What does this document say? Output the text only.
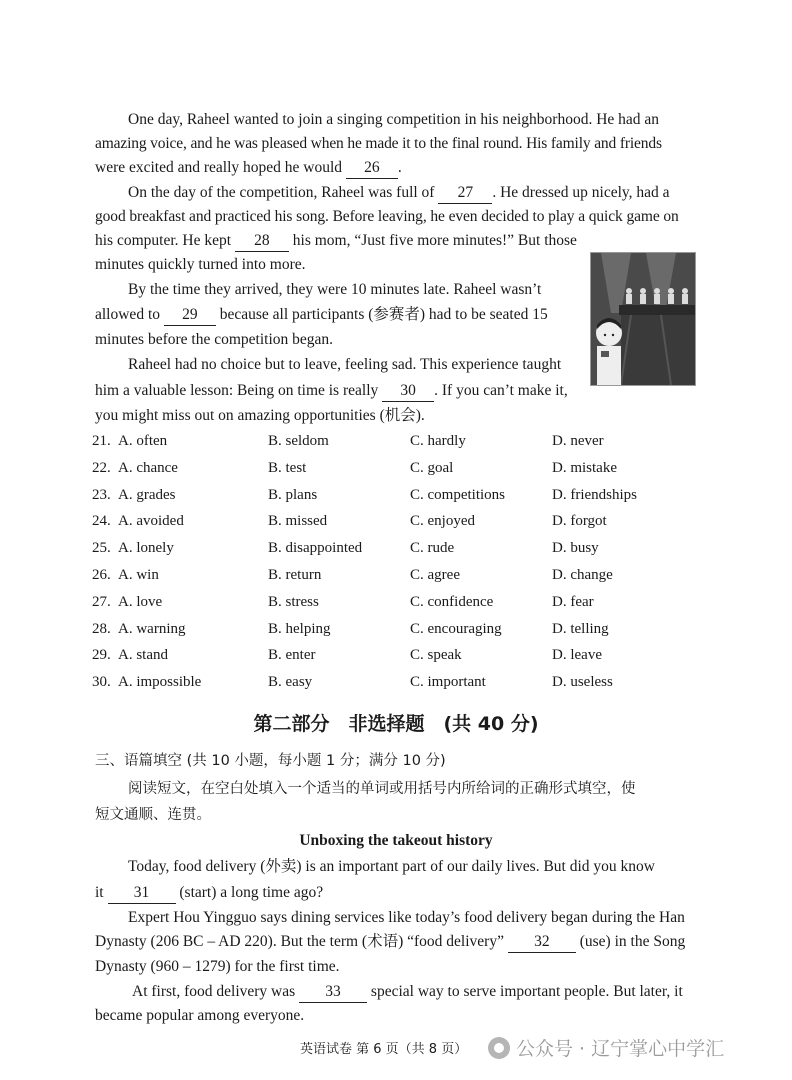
One day, Raheel wanted to join a singing competition in his neighborhood. He had an
amazing voice, and he was pleased when he made it to the final round. His family and friends
were excited and really hoped he would 26 .
On the day of the competition, Raheel was full of 27 . He dressed up nicely, had a
good breakfast and practiced his song. Before leaving, he even decided to play a quick game on
his computer. He kept 28 his mom, “Just five more minutes!” But those
minutes quickly turned into more.
By the time they arrived, they were 10 minutes late. Raheel wasn’t
allowed to 29 because all participants (参赛者) had to be seated 15
minutes before the competition began.
Raheel had no choice but to leave, feeling sad. This experience taught
him a valuable lesson: Being on time is really 30 . If you can’t make it,
you might miss out on amazing opportunities (机会).
21. A. often	B. seldom	C. hardly	D. never
22. A. chance	B. test	C. goal	D. mistake
23. A. grades	B. plans	C. competitions	D. friendships
24. A. avoided	B. missed	C. enjoyed	D. forgot
25. A. lonely	B. disappointed	C. rude	D. busy
26. A. win	B. return	C. agree	D. change
27. A. love	B. stress	C. confidence	D. fear
28. A. warning	B. helping	C. encouraging	D. telling
29. A. stand	B. enter	C. speak	D. leave
30. A. impossible	B. easy	C. important	D. useless
第二部分　非选择题　(共 40 分)
三、语篇填空 (共 10 小题，每小题 1 分；满分 10 分)
阅读短文，在空白处填入一个适当的单词或用括号内所给词的正确形式填空，使
短文通顺、连贯。
Unboxing the takeout history
Today, food delivery (外卖) is an important part of our daily lives. But did you know
it 31 (start) a long time ago?
Expert Hou Yingguo says dining services like today’s food delivery began during the Han
Dynasty (206 BC – AD 220). But the term (术语) “food delivery” 32 (use) in the Song
Dynasty (960 – 1279) for the first time.
At first, food delivery was 33 special way to serve important people. But later, it
became popular among everyone.
英语试卷 第 6 页（共 8 页）	公众号 · 辽宁掌心中学汇
